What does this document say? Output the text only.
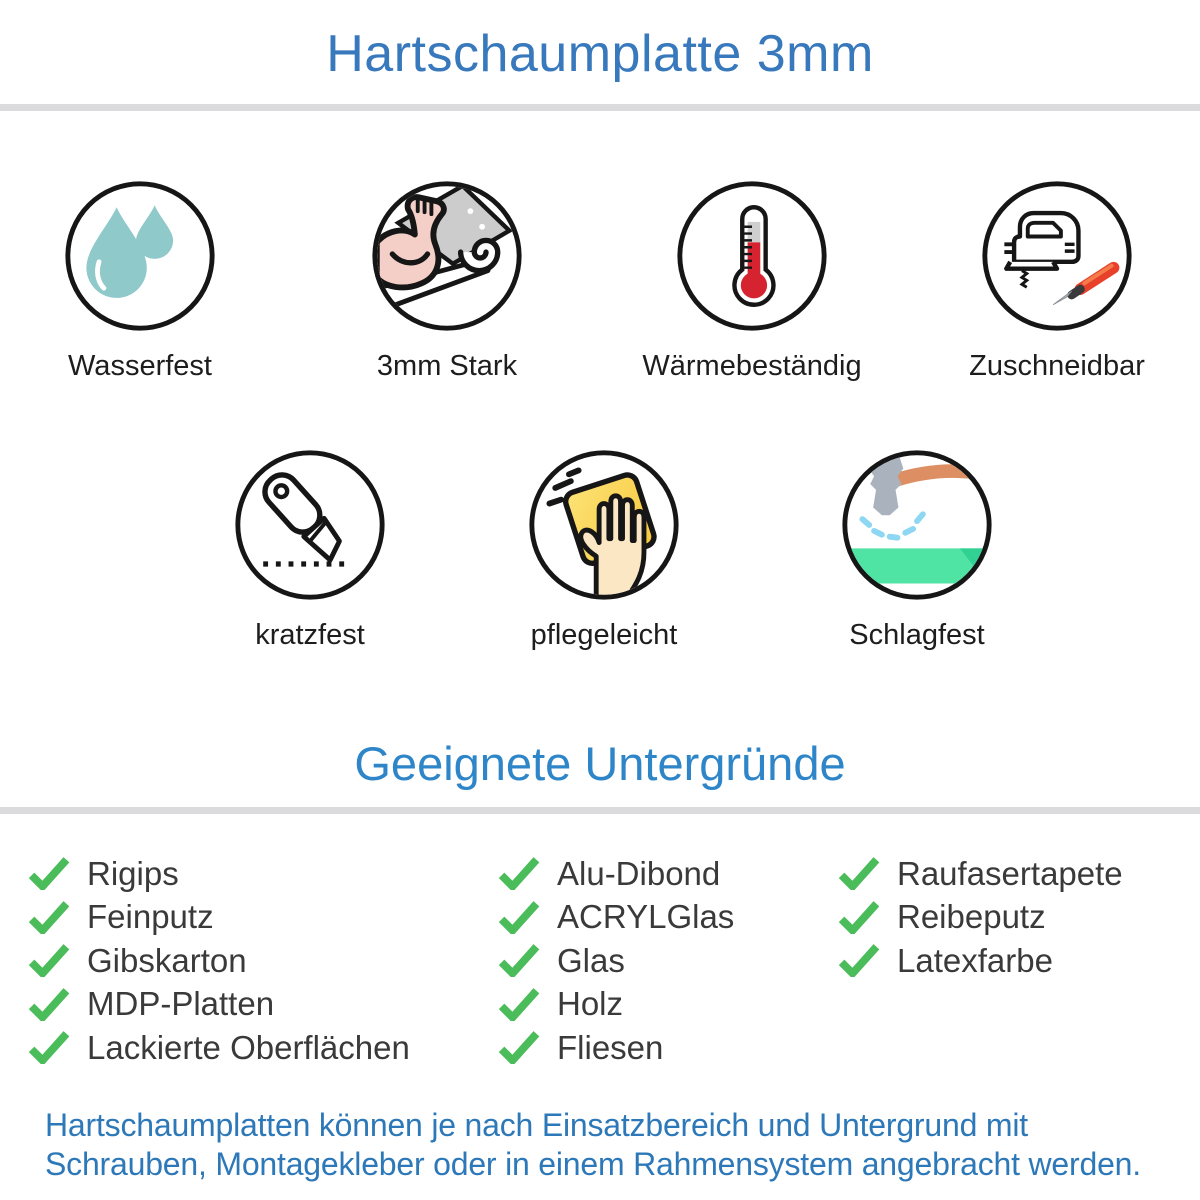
Hartschaumplatte 3mm
Wasserfest	3mm Stark	Wärmebeständig	Zuschneidbar
kratzfest	pflegeleicht	Schlagfest
Geeignete Untergründe
Rigips
Feinputz
Gibskarton
MDP-Platten
Lackierte Oberflächen
Alu-Dibond
ACRYLGlas
Glas
Holz
Fliesen
Raufasertapete
Reibeputz
Latexfarbe
Hartschaumplatten können je nach Einsatzbereich und Untergrund mit
Schrauben, Montagekleber oder in einem Rahmensystem angebracht werden.
